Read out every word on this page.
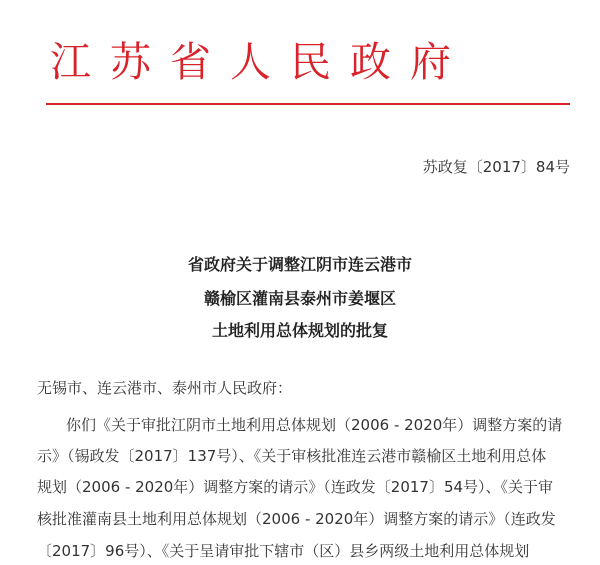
江苏省人民政府
苏政复〔2017〕84号
省政府关于调整江阴市连云港市
赣榆区灌南县泰州市姜堰区
土地利用总体规划的批复
无锡市、连云港市、泰州市人民政府：
你们《关于审批江阴市土地利用总体规划（2006 - 2020年）调整方案的请
示》（锡政发〔2017〕137号）、《关于审核批准连云港市赣榆区土地利用总体
规划（2006 - 2020年）调整方案的请示》（连政发〔2017〕54号）、《关于审
核批准灌南县土地利用总体规划（2006 - 2020年）调整方案的请示》（连政发
〔2017〕96号）、《关于呈请审批下辖市（区）县乡两级土地利用总体规划
